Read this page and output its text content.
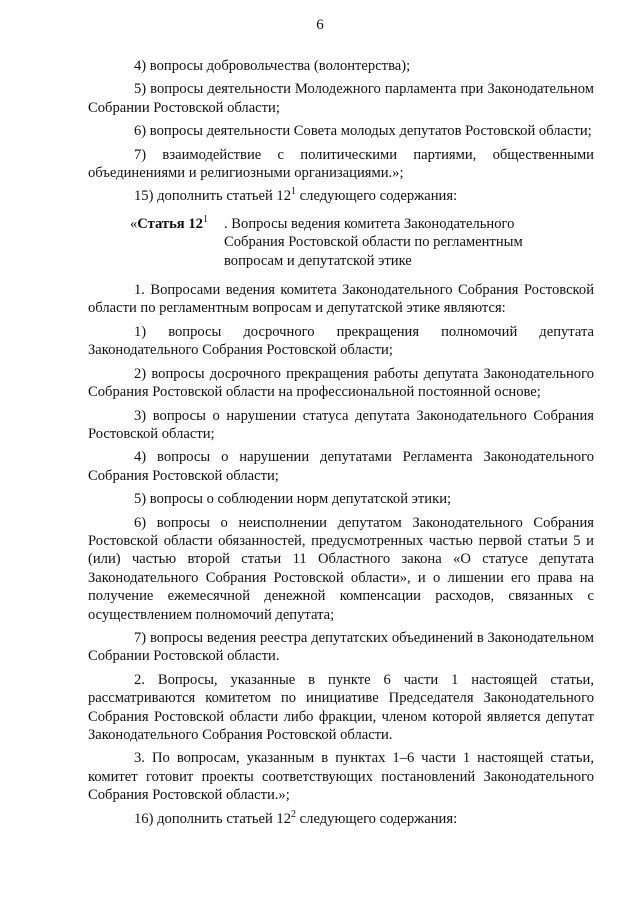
6

4) вопросы добровольчества (волонтерства);

5) вопросы деятельности Молодежного парламента при Законодательном Собрании Ростовской области;

6) вопросы деятельности Совета молодых депутатов Ростовской области;

7) взаимодействие с политическими партиями, общественными объединениями и религиозными организациями.»;

15) дополнить статьей $12^1$ следующего содержания:

«Статья $12^1$	. Вопросы ведения комитета Законодательного Собрания Ростовской области по регламентным вопросам и депутатской этике

1. Вопросами ведения комитета Законодательного Собрания Ростовской области по регламентным вопросам и депутатской этике являются:

1) вопросы досрочного прекращения полномочий депутата Законодательного Собрания Ростовской области;

2) вопросы досрочного прекращения работы депутата Законодательного Собрания Ростовской области на профессиональной постоянной основе;

3) вопросы о нарушении статуса депутата Законодательного Собрания Ростовской области;

4) вопросы о нарушении депутатами Регламента Законодательного Собрания Ростовской области;

5) вопросы о соблюдении норм депутатской этики;

6) вопросы о неисполнении депутатом Законодательного Собрания Ростовской области обязанностей, предусмотренных частью первой статьи 5 и (или) частью второй статьи 11 Областного закона «О статусе депутата Законодательного Собрания Ростовской области», и о лишении его права на получение ежемесячной денежной компенсации расходов, связанных с осуществлением полномочий депутата;

7) вопросы ведения реестра депутатских объединений в Законодательном Собрании Ростовской области.

2. Вопросы, указанные в пункте 6 части 1 настоящей статьи, рассматриваются комитетом по инициативе Председателя Законодательного Собрания Ростовской области либо фракции, членом которой является депутат Законодательного Собрания Ростовской области.

3. По вопросам, указанным в пунктах 1–6 части 1 настоящей статьи, комитет готовит проекты соответствующих постановлений Законодательного Собрания Ростовской области.»;

16) дополнить статьей $12^2$ следующего содержания:
